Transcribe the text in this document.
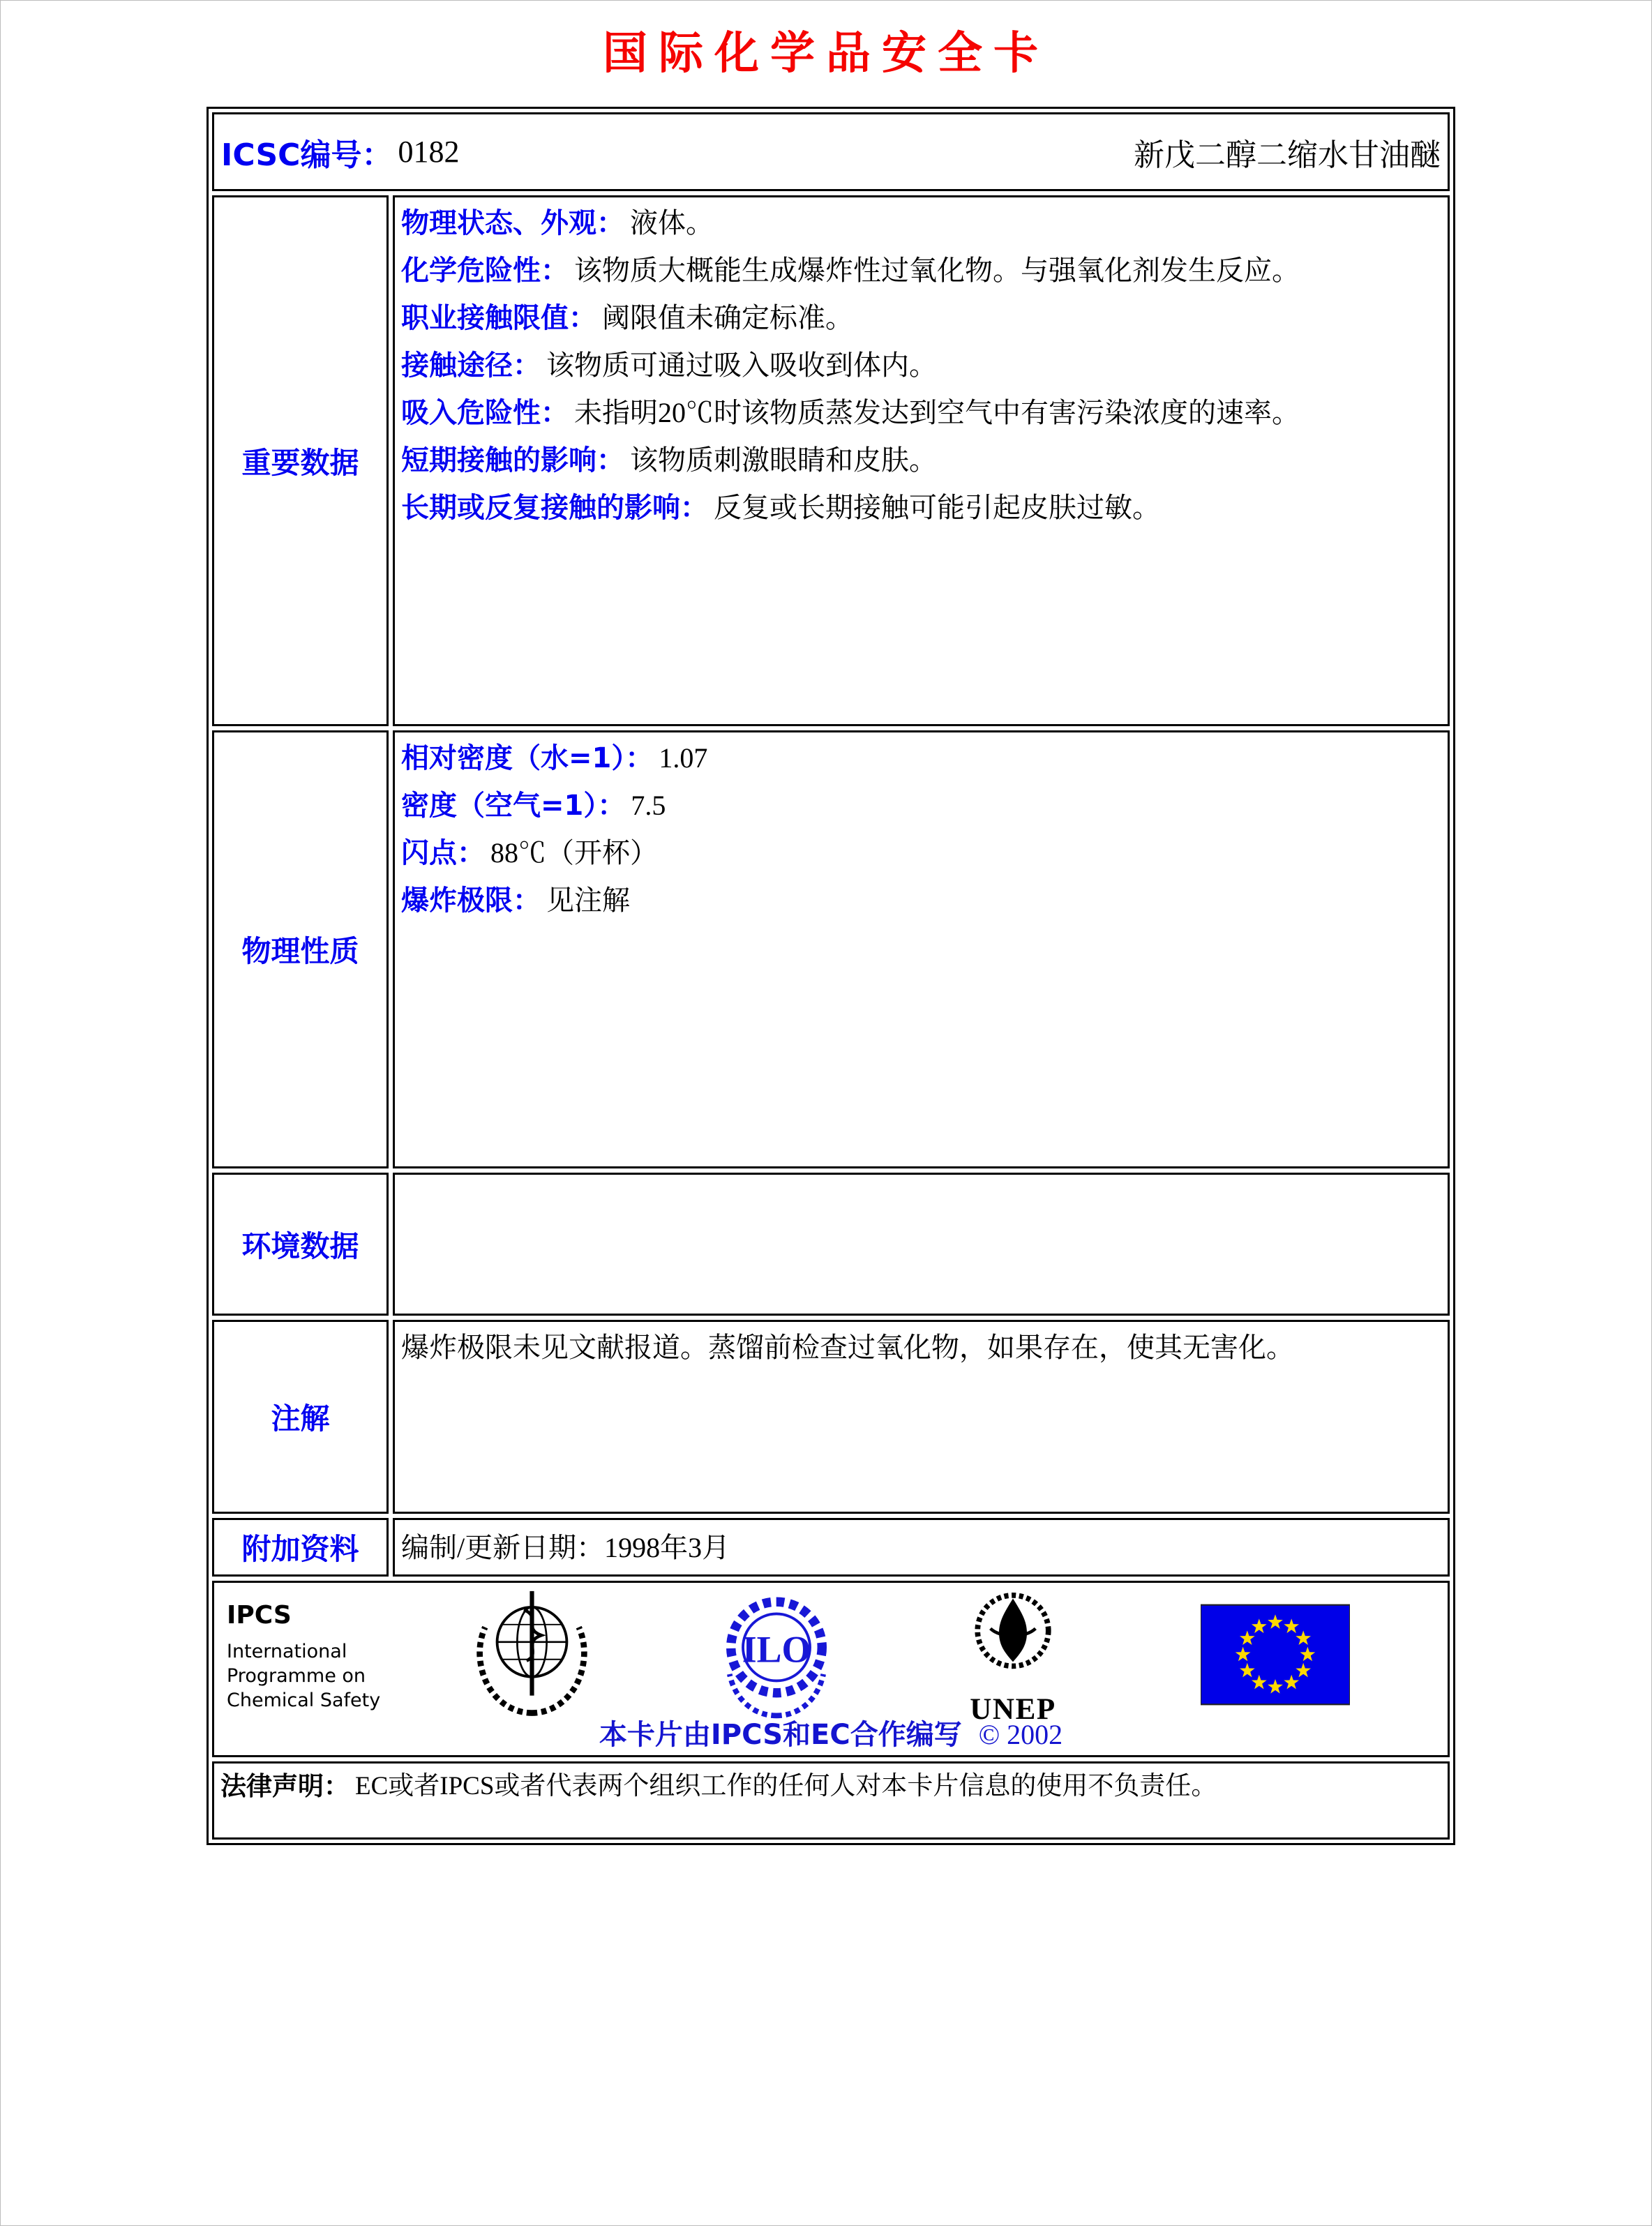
国际化学品安全卡
ICSC编号： 0182	新戊二醇二缩水甘油醚
重要数据

物理状态、外观： 液体。

化学危险性： 该物质大概能生成爆炸性过氧化物。与强氧化剂发生反应。

职业接触限值： 阈限值未确定标准。

接触途径： 该物质可通过吸入吸收到体内。

吸入危险性： 未指明20℃时该物质蒸发达到空气中有害污染浓度的速率。

短期接触的影响： 该物质刺激眼睛和皮肤。

长期或反复接触的影响： 反复或长期接触可能引起皮肤过敏。

物理性质

相对密度（水=1）： 1.07

密度（空气=1）： 7.5

闪点： 88℃（开杯）

爆炸极限： 见注解

环境数据
注解

爆炸极限未见文献报道。蒸馏前检查过氧化物，如果存在，使其无害化。

附加资料	编制/更新日期： 1998年3月
IPCS
International
Programme on
Chemical Safety
ILO
UNEP
本卡片由IPCS和EC合作编写 © 2002
法律声明： EC或者IPCS或者代表两个组织工作的任何人对本卡片信息的使用不负责任。
